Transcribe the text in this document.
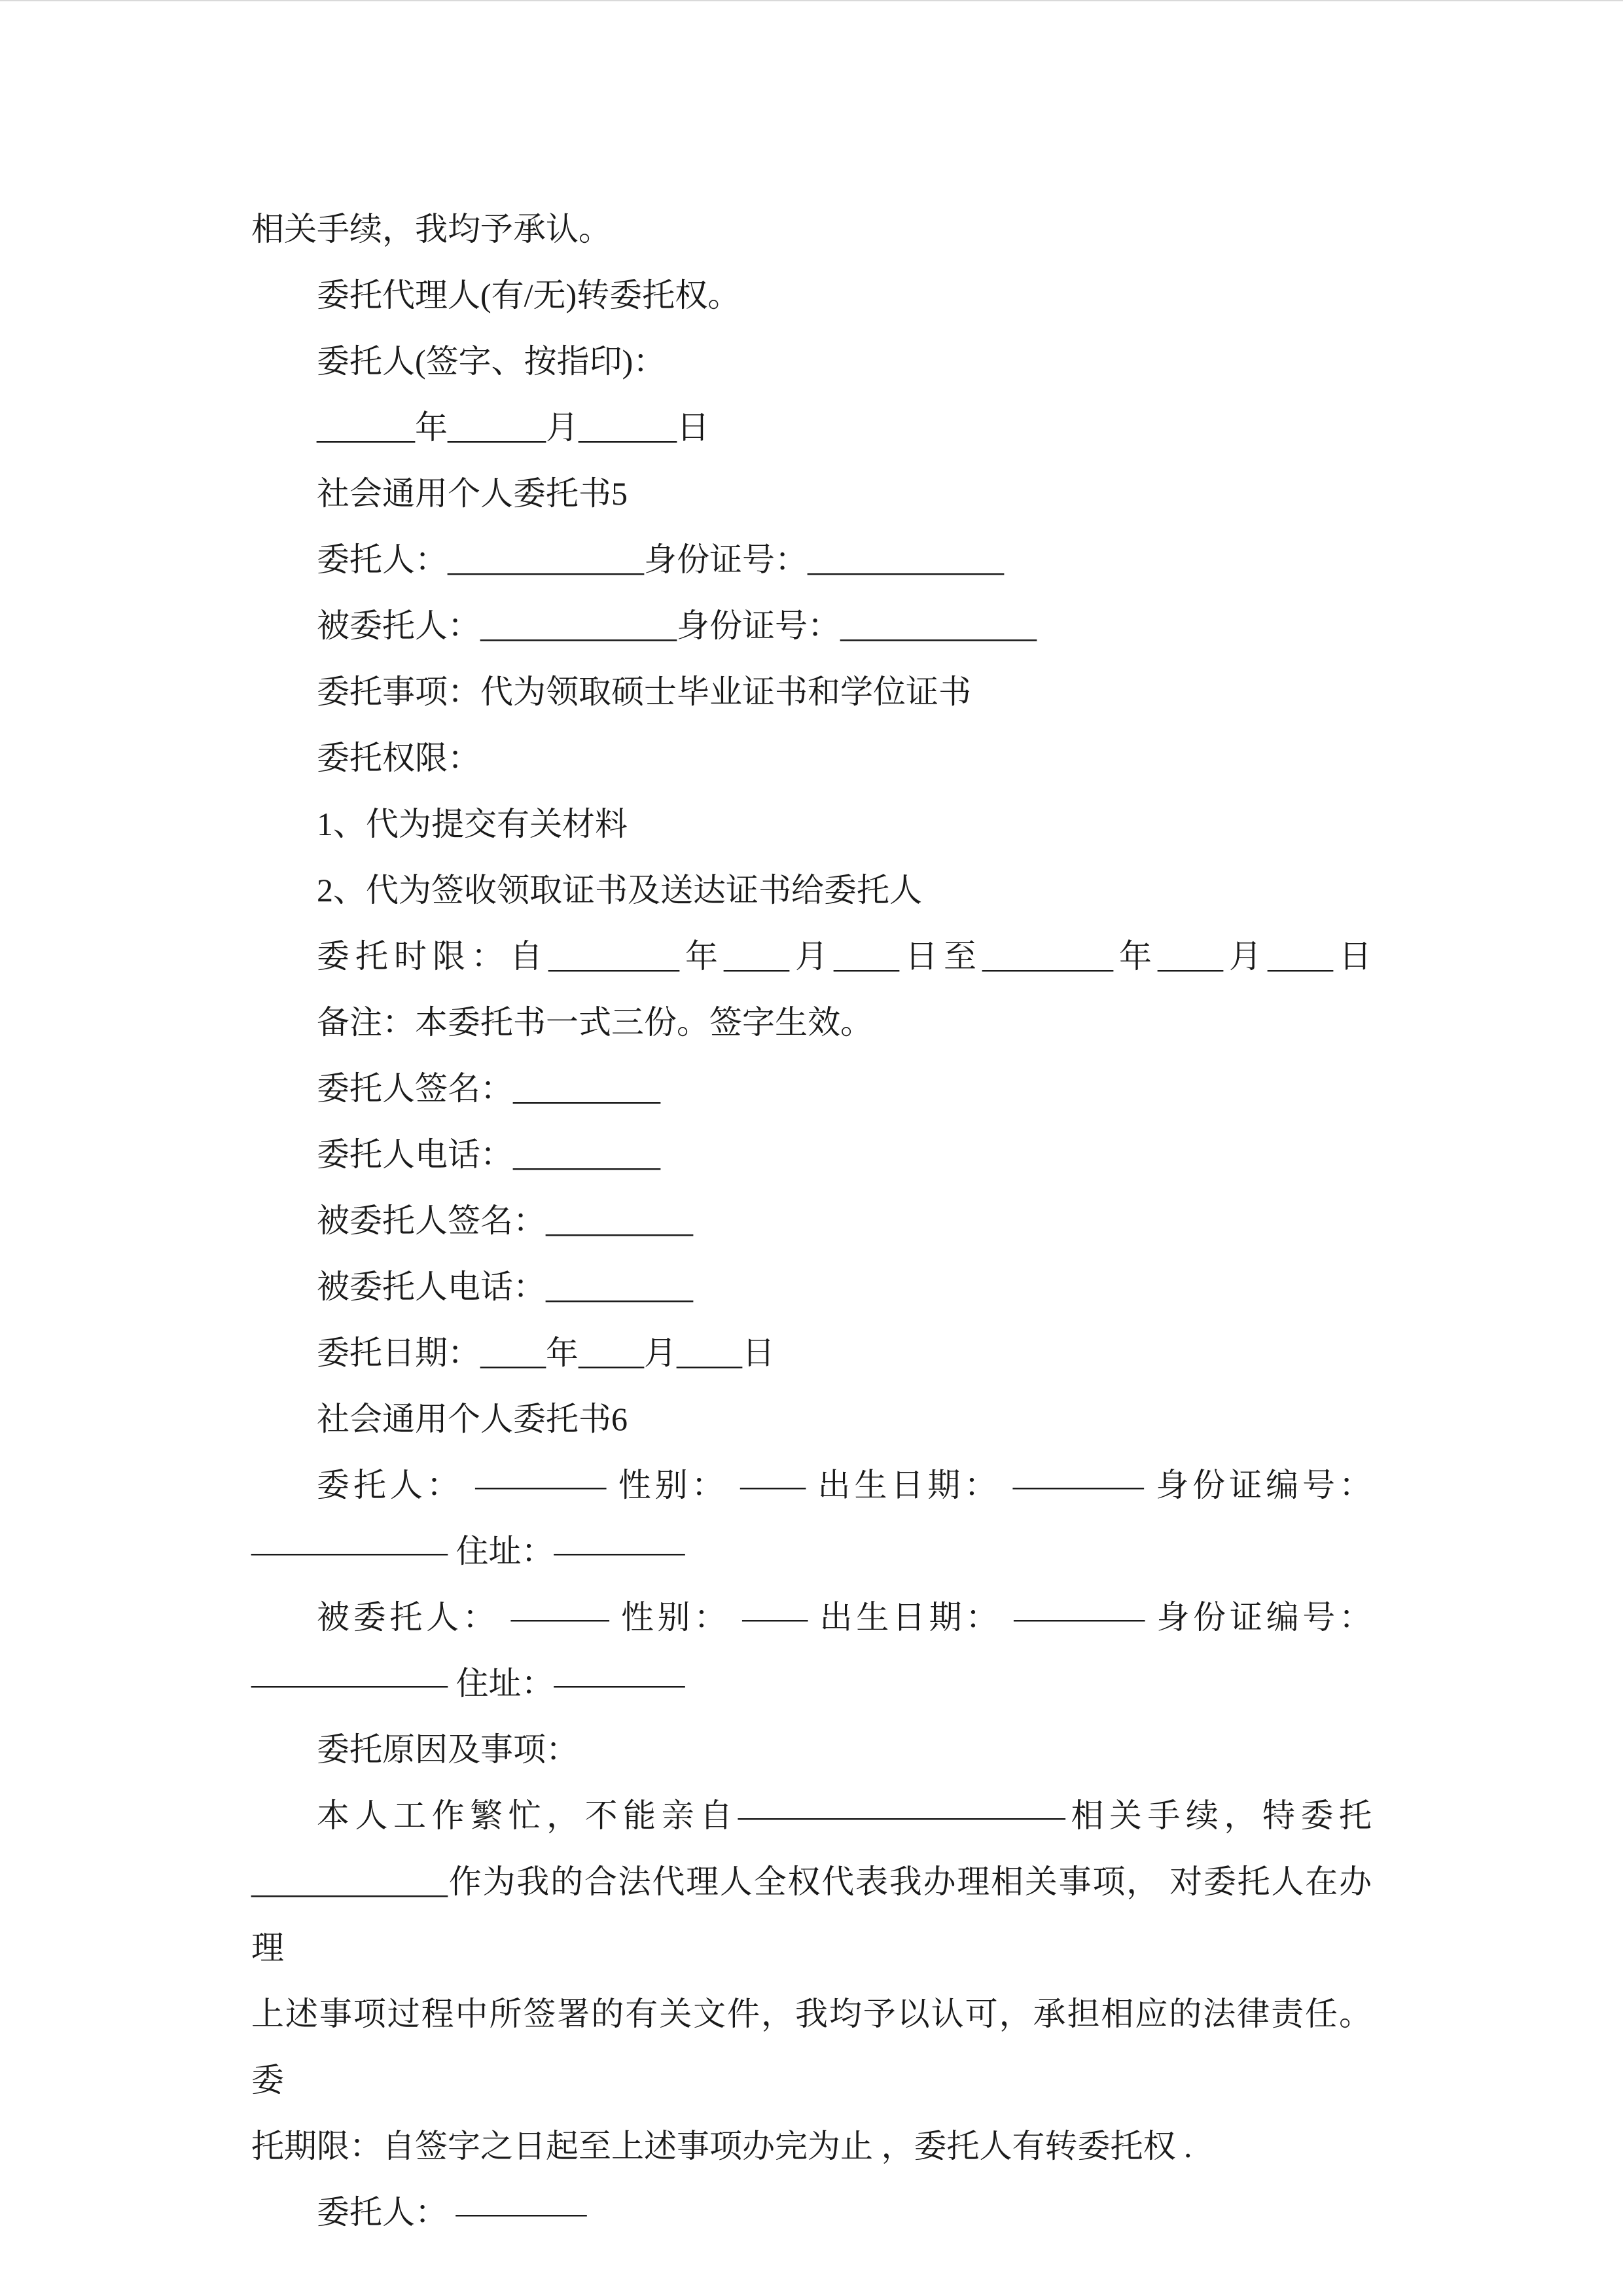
相关手续，我均予承认。

委托代理人(有/无)转委托权。

委托人(签字、按指印)：

______年______月______日

社会通用个人委托书5

委托人：____________身份证号：____________

被委托人：____________身份证号：____________

委托事项：代为领取硕士毕业证书和学位证书

委托权限：

1、代为提交有关材料

2、代为签收领取证书及送达证书给委托人

委托时限：自________年____月____日至________年____月____日

备注：本委托书一式三份。签字生效。

委托人签名：_________

委托人电话：_________

被委托人签名：_________

被委托人电话：_________

委托日期：____年____月____日

社会通用个人委托书6

委托人： ———— 性别： —— 出生日期： ———— 身份证编号：

—————— 住址：————

被委托人： ——— 性别： —— 出生日期： ———— 身份证编号：

—————— 住址：————

委托原因及事项：

本人工作繁忙，不能亲自——————————相关手续，特委托

____________作为我的合法代理人全权代表我办理相关事项， 对委托人在办理

上述事项过程中所签署的有关文件，我均予以认可，承担相应的法律责任。 委

托期限：自签字之日起至上述事项办完为止 ，委托人有转委托权 .

委托人： ————
